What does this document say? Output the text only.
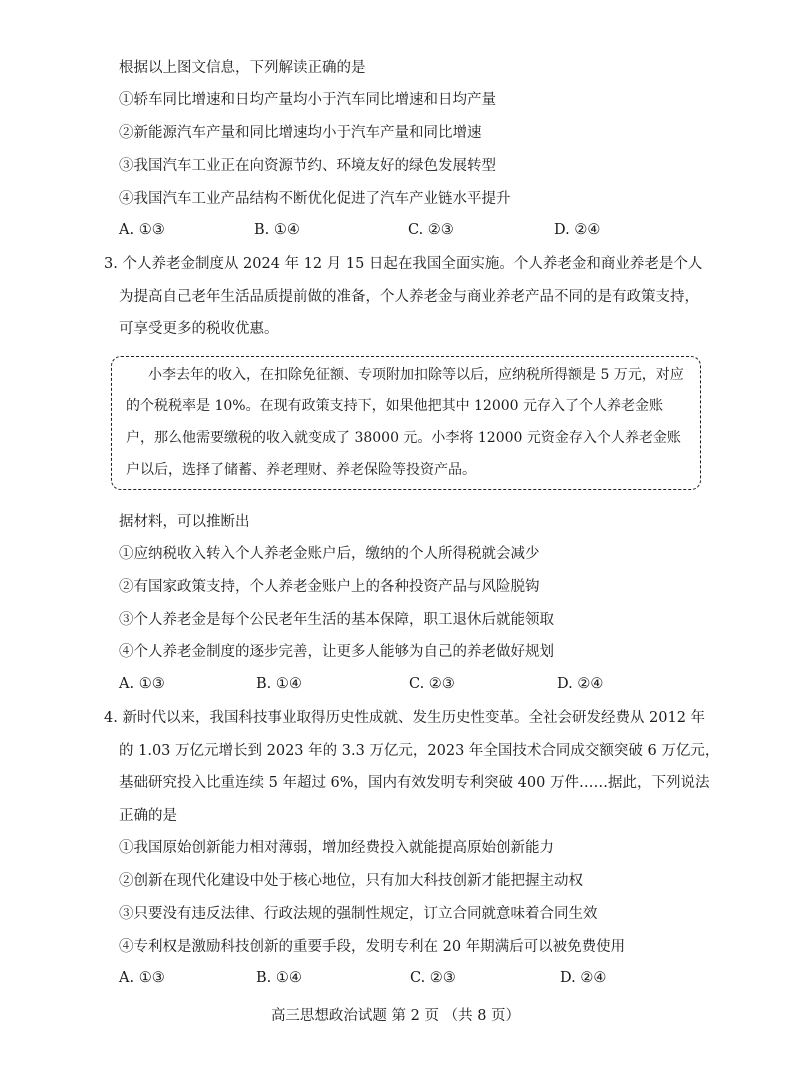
根据以上图文信息，下列解读正确的是
①轿车同比增速和日均产量均小于汽车同比增速和日均产量
②新能源汽车产量和同比增速均小于汽车产量和同比增速
③我国汽车工业正在向资源节约、环境友好的绿色发展转型
④我国汽车工业产品结构不断优化促进了汽车产业链水平提升
A. ①③	B. ①④	C. ②③	D. ②④
3. 个人养老金制度从 2024 年 12 月 15 日起在我国全面实施。个人养老金和商业养老是个人
为提高自己老年生活品质提前做的准备，个人养老金与商业养老产品不同的是有政策支持，
可享受更多的税收优惠。
小李去年的收入，在扣除免征额、专项附加扣除等以后，应纳税所得额是 5 万元，对应
的个税税率是 10%。在现有政策支持下，如果他把其中 12000 元存入了个人养老金账
户，那么他需要缴税的收入就变成了 38000 元。小李将 12000 元资金存入个人养老金账
户以后，选择了储蓄、养老理财、养老保险等投资产品。
据材料，可以推断出
①应纳税收入转入个人养老金账户后，缴纳的个人所得税就会减少
②有国家政策支持，个人养老金账户上的各种投资产品与风险脱钩
③个人养老金是每个公民老年生活的基本保障，职工退休后就能领取
④个人养老金制度的逐步完善，让更多人能够为自己的养老做好规划
A. ①③	B. ①④	C. ②③	D. ②④
4. 新时代以来，我国科技事业取得历史性成就、发生历史性变革。全社会研发经费从 2012 年
的 1.03 万亿元增长到 2023 年的 3.3 万亿元，2023 年全国技术合同成交额突破 6 万亿元，
基础研究投入比重连续 5 年超过 6%，国内有效发明专利突破 400 万件……据此，下列说法
正确的是
①我国原始创新能力相对薄弱，增加经费投入就能提高原始创新能力
②创新在现代化建设中处于核心地位，只有加大科技创新才能把握主动权
③只要没有违反法律、行政法规的强制性规定，订立合同就意味着合同生效
④专利权是激励科技创新的重要手段，发明专利在 20 年期满后可以被免费使用
A. ①③	B. ①④	C. ②③	D. ②④
高三思想政治试题 第 2 页 （共 8 页）
